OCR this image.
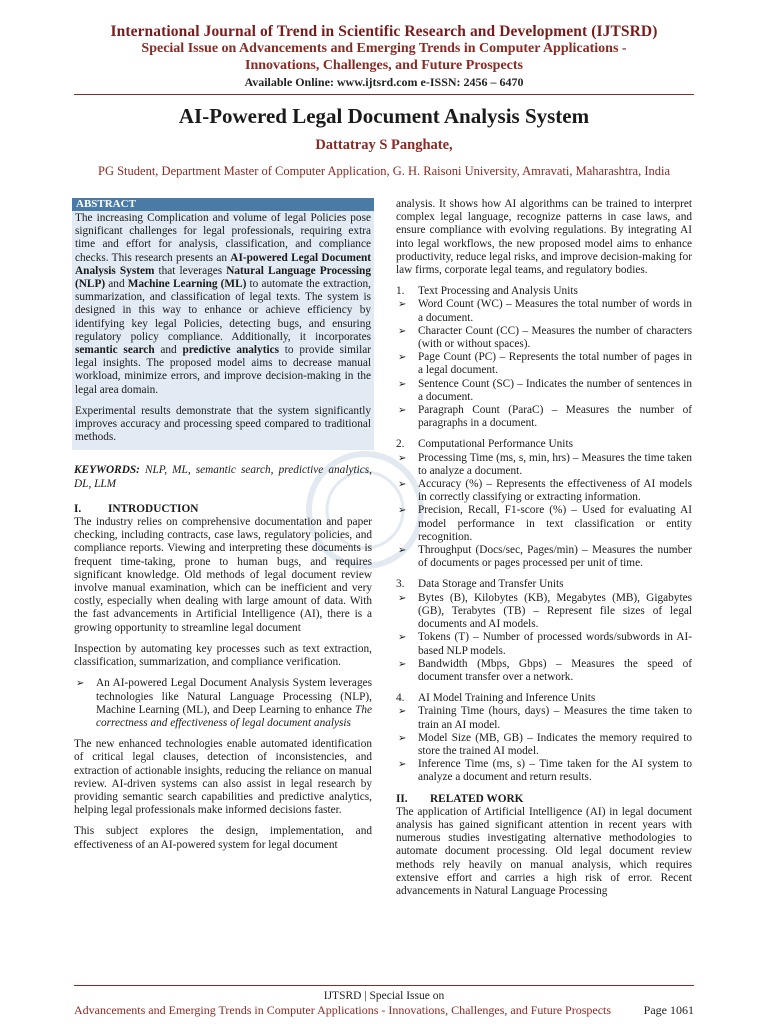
International Journal of Trend in Scientific Research and Development (IJTSRD)
Special Issue on Advancements and Emerging Trends in Computer Applications -
Innovations, Challenges, and Future Prospects
Available Online: www.ijtsrd.com e-ISSN: 2456 – 6470
AI-Powered Legal Document Analysis System
Dattatray S Panghate,
PG Student, Department Master of Computer Application, G. H. Raisoni University, Amravati, Maharashtra, India
ABSTRACT
The increasing Complication and volume of legal Policies pose significant challenges for legal professionals, requiring extra time and effort for analysis, classification, and compliance checks. This research presents an AI-powered Legal Document Analysis System that leverages Natural Language Processing (NLP) and Machine Learning (ML) to automate the extraction, summarization, and classification of legal texts. The system is designed in this way to enhance or achieve efficiency by identifying key legal Policies, detecting bugs, and ensuring regulatory policy compliance. Additionally, it incorporates semantic search and predictive analytics to provide similar legal insights. The proposed model aims to decrease manual workload, minimize errors, and improve decision-making in the legal area domain.
Experimental results demonstrate that the system significantly improves accuracy and processing speed compared to traditional methods.
KEYWORDS: NLP, ML, semantic search, predictive analytics, DL, LLM
I.	INTRODUCTION
The industry relies on comprehensive documentation and paper checking, including contracts, case laws, regulatory policies, and compliance reports. Viewing and interpreting these documents is frequent time-taking, prone to human bugs, and requires significant knowledge. Old methods of legal document review involve manual examination, which can be inefficient and very costly, especially when dealing with large amount of data. With the fast advancements in Artificial Intelligence (AI), there is a growing opportunity to streamline legal document
Inspection by automating key processes such as text extraction, classification, summarization, and compliance verification.
➢ An AI-powered Legal Document Analysis System leverages technologies like Natural Language Processing (NLP), Machine Learning (ML), and Deep Learning to enhance The correctness and effectiveness of legal document analysis
The new enhanced technologies enable automated identification of critical legal clauses, detection of inconsistencies, and extraction of actionable insights, reducing the reliance on manual review. AI-driven systems can also assist in legal research by providing semantic search capabilities and predictive analytics, helping legal professionals make informed decisions faster.
This subject explores the design, implementation, and effectiveness of an AI-powered system for legal document
analysis. It shows how AI algorithms can be trained to interpret complex legal language, recognize patterns in case laws, and ensure compliance with evolving regulations. By integrating AI into legal workflows, the new proposed model aims to enhance productivity, reduce legal risks, and improve decision-making for law firms, corporate legal teams, and regulatory bodies.
1.	Text Processing and Analysis Units
➢ Word Count (WC) – Measures the total number of words in a document.
➢ Character Count (CC) – Measures the number of characters (with or without spaces).
➢ Page Count (PC) – Represents the total number of pages in a legal document.
➢ Sentence Count (SC) – Indicates the number of sentences in a document.
➢ Paragraph Count (ParaC) – Measures the number of paragraphs in a document.
2.	Computational Performance Units
➢ Processing Time (ms, s, min, hrs) – Measures the time taken to analyze a document.
➢ Accuracy (%) – Represents the effectiveness of AI models in correctly classifying or extracting information.
➢ Precision, Recall, F1-score (%) – Used for evaluating AI model performance in text classification or entity recognition.
➢ Throughput (Docs/sec, Pages/min) – Measures the number of documents or pages processed per unit of time.
3.	Data Storage and Transfer Units
➢ Bytes (B), Kilobytes (KB), Megabytes (MB), Gigabytes (GB), Terabytes (TB) – Represent file sizes of legal documents and AI models.
➢ Tokens (T) – Number of processed words/subwords in AI-based NLP models.
➢ Bandwidth (Mbps, Gbps) – Measures the speed of document transfer over a network.
4.	AI Model Training and Inference Units
➢ Training Time (hours, days) – Measures the time taken to train an AI model.
➢ Model Size (MB, GB) – Indicates the memory required to store the trained AI model.
➢ Inference Time (ms, s) – Time taken for the AI system to analyze a document and return results.
II.	RELATED WORK
The application of Artificial Intelligence (AI) in legal document analysis has gained significant attention in recent years with numerous studies investigating alternative methodologies to automate document processing. Old legal document review methods rely heavily on manual analysis, which requires extensive effort and carries a high risk of error. Recent advancements in Natural Language Processing
IJTSRD | Special Issue on
Advancements and Emerging Trends in Computer Applications - Innovations, Challenges, and Future Prospects	Page 1061
